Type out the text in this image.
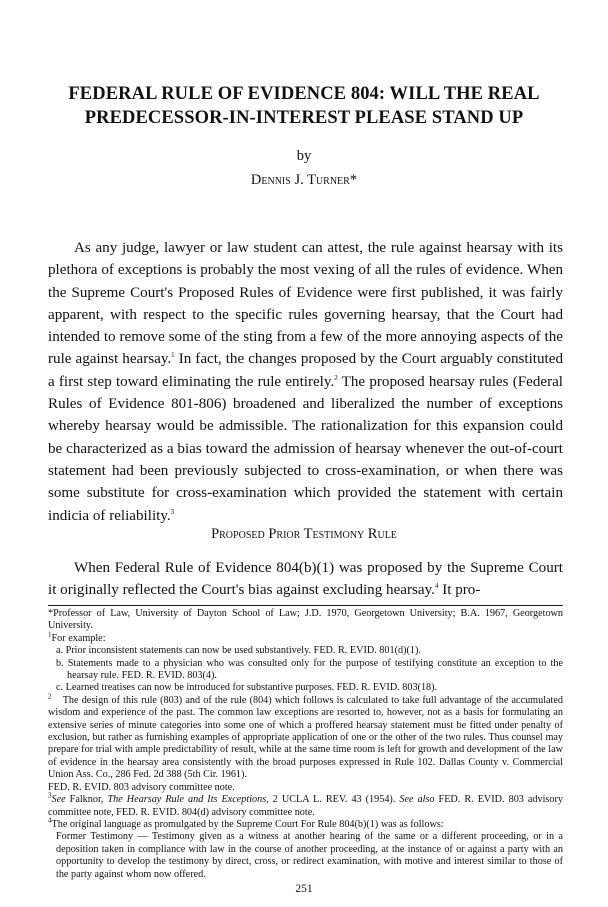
FEDERAL RULE OF EVIDENCE 804: WILL THE REAL
PREDECESSOR-IN-INTEREST PLEASE STAND UP
by
Dennis J. Turner*

As any judge, lawyer or law student can attest, the rule against hearsay with its plethora of exceptions is probably the most vexing of all the rules of evidence. When the Supreme Court's Proposed Rules of Evidence were first published, it was fairly apparent, with respect to the specific rules governing hearsay, that the Court had intended to remove some of the sting from a few of the more annoying aspects of the rule against hearsay.$^1$ In fact, the changes proposed by the Court arguably constituted a first step toward eliminating the rule entirely.$^2$ The proposed hearsay rules (Federal Rules of Evidence 801-806) broadened and liberalized the number of exceptions whereby hearsay would be admissible. The rationalization for this expansion could be characterized as a bias toward the admission of hearsay whenever the out-of-court statement had been previously subjected to cross-examination, or when there was some substitute for cross-examination which provided the statement with certain indicia of reliability.$^3$

Proposed Prior Testimony Rule

When Federal Rule of Evidence 804(b)(1) was proposed by the Supreme Court it originally reflected the Court's bias against excluding hearsay.$^4$ It pro-

*Professor of Law, University of Dayton School of Law; J.D. 1970, Georgetown University; B.A. 1967, Georgetown University.

$^1$For example:

a. Prior inconsistent statements can now be used substantively. FED. R. EVID. 801(d)(1).

b. Statements made to a physician who was consulted only for the purpose of testifying constitute an exception to the hearsay rule. FED. R. EVID. 803(4).

c. Learned treatises can now be introduced for substantive purposes. FED. R. EVID. 803(18).

$^2$ The design of this rule (803) and of the rule (804) which follows is calculated to take full advantage of the accumulated wisdom and experience of the past. The common law exceptions are resorted to, however, not as a basis for formulating an extensive series of minute categories into some one of which a proffered hearsay statement must be fitted under penalty of exclusion, but rather as furnishing examples of appropriate application of one or the other of the two rules. Thus counsel may prepare for trial with ample predictability of result, while at the same time room is left for growth and development of the law of evidence in the hearsay area consistently with the broad purposes expressed in Rule 102. Dallas County v. Commercial Union Ass. Co., 286 Fed. 2d 388 (5th Cir. 1961).

FED. R. EVID. 803 advisory committee note.

$^3$See Falknor, The Hearsay Rule and Its Exceptions, 2 UCLA L. REV. 43 (1954). See also FED. R. EVID. 803 advisory committee note, FED. R. EVID. 804(d) advisory committee note.

$^4$The original language as promulgated by the Supreme Court For Rule 804(b)(1) was as follows:

Former Testimony — Testimony given as a witness at another hearing of the same or a different proceeding, or in a deposition taken in compliance with law in the course of another proceeding, at the instance of or against a party with an opportunity to develop the testimony by direct, cross, or redirect examination, with motive and interest similar to those of the party against whom now offered.

251
